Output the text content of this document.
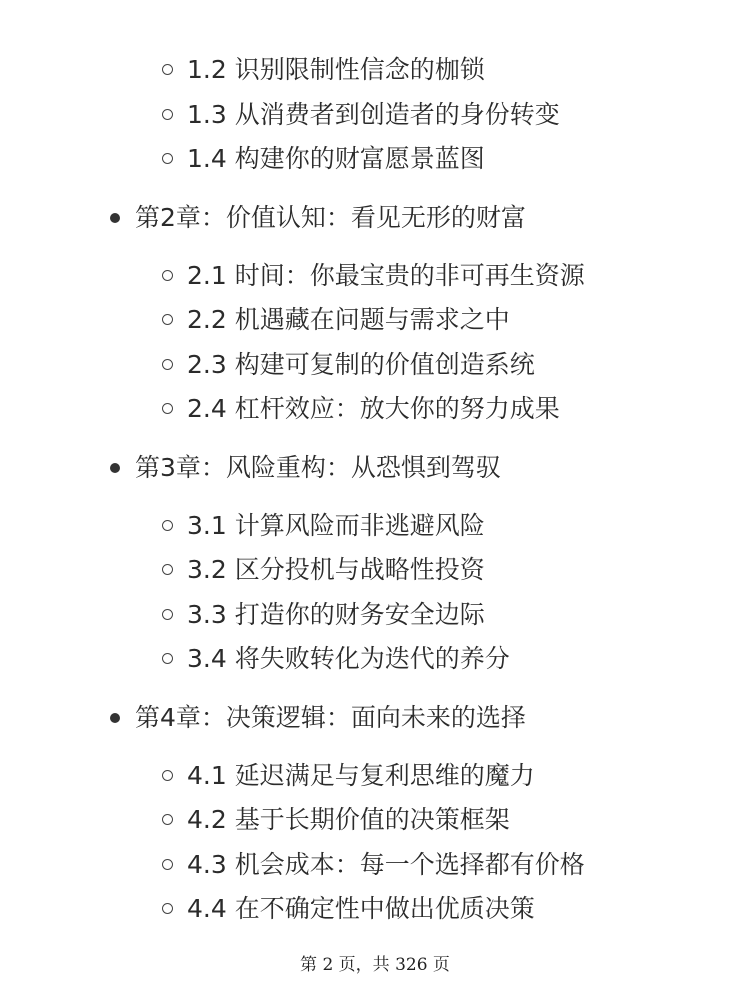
1.2 识别限制性信念的枷锁
1.3 从消费者到创造者的身份转变
1.4 构建你的财富愿景蓝图
第2章：价值认知：看见无形的财富
2.1 时间：你最宝贵的非可再生资源
2.2 机遇藏在问题与需求之中
2.3 构建可复制的价值创造系统
2.4 杠杆效应：放大你的努力成果
第3章：风险重构：从恐惧到驾驭
3.1 计算风险而非逃避风险
3.2 区分投机与战略性投资
3.3 打造你的财务安全边际
3.4 将失败转化为迭代的养分
第4章：决策逻辑：面向未来的选择
4.1 延迟满足与复利思维的魔力
4.2 基于长期价值的决策框架
4.3 机会成本：每一个选择都有价格
4.4 在不确定性中做出优质决策
第 2 页，共 326 页
